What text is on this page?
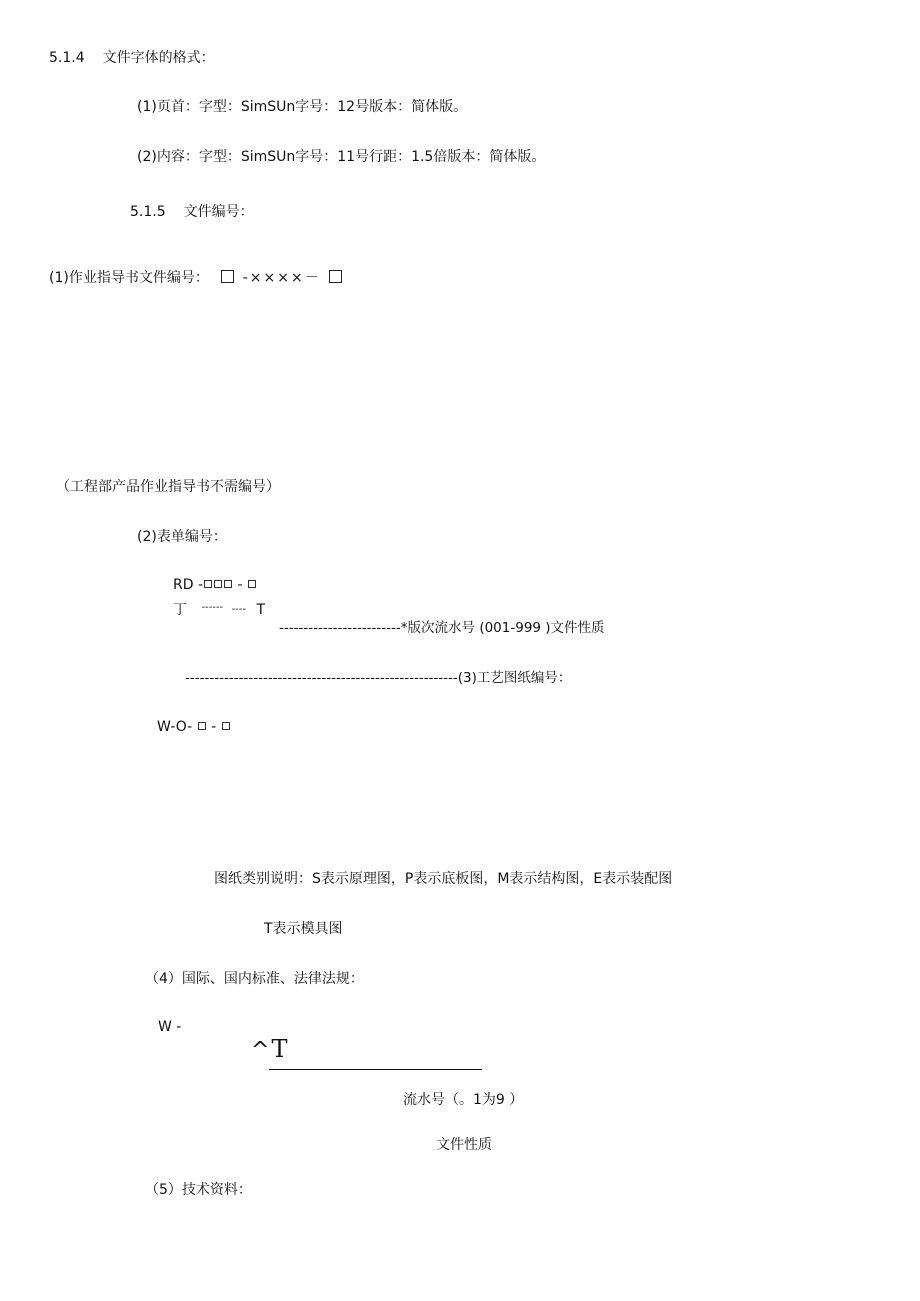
5.1.4 文件字体的格式：
(1)页首：字型：SimSUn字号：12号版本：简体版。
(2)内容：字型：SimSUn字号：11号行距：1.5倍版本：简体版。
5.1.5 文件编号：
(1)作业指导书文件编号： -××××－
（工程部产品作业指导书不需编号）
(2)表单编号：
RD - -
丁 ------ ---- T
-------------------------*版次流水号 (001-999 )文件性质
--------------------------------------------------------(3)工艺图纸编号：
W-O- -
图纸类别说明：S表示原理图，P表示底板图，M表示结构图，E表示装配图
T表示模具图
（4）国际、国内标准、法律法规：
W -
^T
流水号（。1为9 ）
文件性质
（5）技术资料：
